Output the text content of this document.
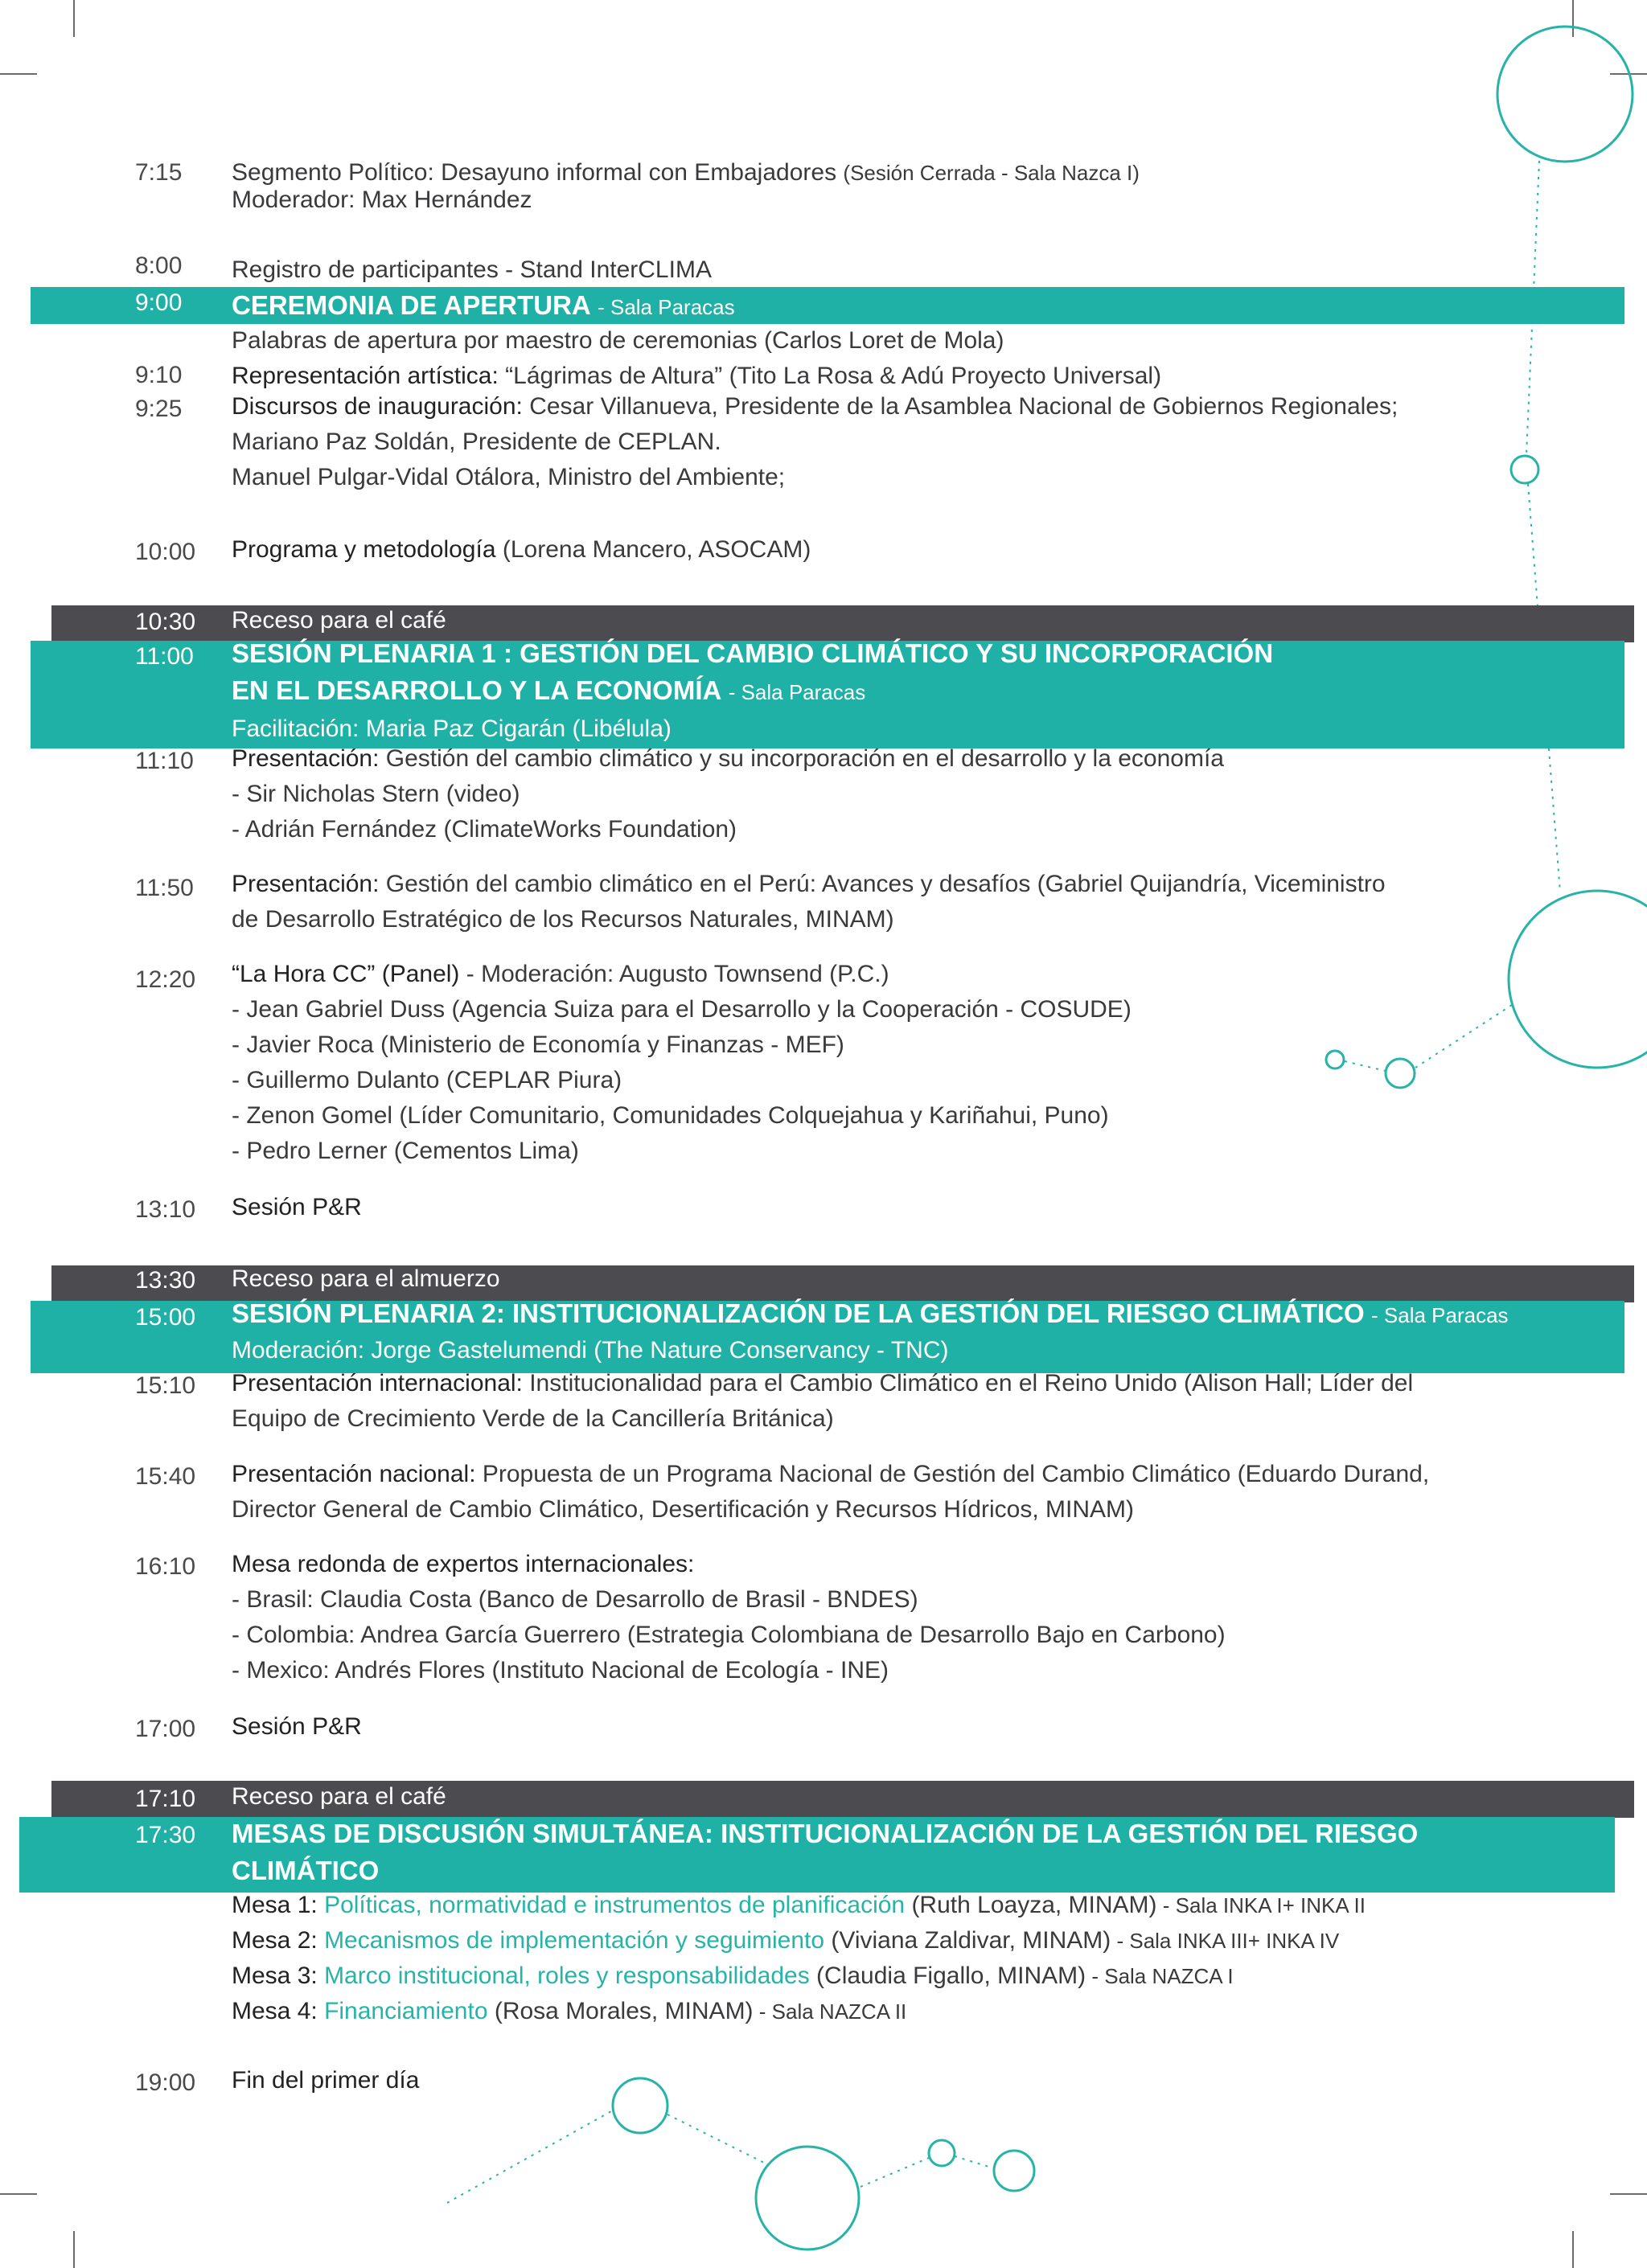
7:15 Segmento Político: Desayuno informal con Embajadores (Sesión Cerrada - Sala Nazca I)
Moderador: Max Hernández
8:00 Registro de participantes - Stand InterCLIMA
9:00 CEREMONIA DE APERTURA - Sala Paracas
Palabras de apertura por maestro de ceremonias (Carlos Loret de Mola)
9:10 Representación artística: “Lágrimas de Altura” (Tito La Rosa & Adú Proyecto Universal)
9:25 Discursos de inauguración: Cesar Villanueva, Presidente de la Asamblea Nacional de Gobiernos Regionales;
Mariano Paz Soldán, Presidente de CEPLAN.
Manuel Pulgar-Vidal Otálora, Ministro del Ambiente;
10:00 Programa y metodología (Lorena Mancero, ASOCAM)
10:30 Receso para el café
11:00 SESIÓN PLENARIA 1 : GESTIÓN DEL CAMBIO CLIMÁTICO Y SU INCORPORACIÓN
EN EL DESARROLLO Y LA ECONOMÍA - Sala Paracas
Facilitación: Maria Paz Cigarán (Libélula)
11:10 Presentación: Gestión del cambio climático y su incorporación en el desarrollo y la economía
- Sir Nicholas Stern (video)
- Adrián Fernández (ClimateWorks Foundation)
11:50 Presentación: Gestión del cambio climático en el Perú: Avances y desafíos (Gabriel Quijandría, Viceministro
de Desarrollo Estratégico de los Recursos Naturales, MINAM)
12:20 “La Hora CC” (Panel) - Moderación: Augusto Townsend (P.C.)
- Jean Gabriel Duss (Agencia Suiza para el Desarrollo y la Cooperación - COSUDE)
- Javier Roca (Ministerio de Economía y Finanzas - MEF)
- Guillermo Dulanto (CEPLAR Piura)
- Zenon Gomel (Líder Comunitario, Comunidades Colquejahua y Kariñahui, Puno)
- Pedro Lerner (Cementos Lima)
13:10 Sesión P&R
13:30 Receso para el almuerzo
15:00 SESIÓN PLENARIA 2: INSTITUCIONALIZACIÓN DE LA GESTIÓN DEL RIESGO CLIMÁTICO - Sala Paracas
Moderación: Jorge Gastelumendi (The Nature Conservancy - TNC)
15:10 Presentación internacional: Institucionalidad para el Cambio Climático en el Reino Unido (Alison Hall; Líder del
Equipo de Crecimiento Verde de la Cancillería Británica)
15:40 Presentación nacional: Propuesta de un Programa Nacional de Gestión del Cambio Climático (Eduardo Durand,
Director General de Cambio Climático, Desertificación y Recursos Hídricos, MINAM)
16:10 Mesa redonda de expertos internacionales:
- Brasil: Claudia Costa (Banco de Desarrollo de Brasil - BNDES)
- Colombia: Andrea García Guerrero (Estrategia Colombiana de Desarrollo Bajo en Carbono)
- Mexico: Andrés Flores (Instituto Nacional de Ecología - INE)
17:00 Sesión P&R
17:10 Receso para el café
17:30 MESAS DE DISCUSIÓN SIMULTÁNEA: INSTITUCIONALIZACIÓN DE LA GESTIÓN DEL RIESGO
CLIMÁTICO
Mesa 1: Políticas, normatividad e instrumentos de planificación (Ruth Loayza, MINAM) - Sala INKA I+ INKA II
Mesa 2: Mecanismos de implementación y seguimiento (Viviana Zaldivar, MINAM) - Sala INKA III+ INKA IV
Mesa 3: Marco institucional, roles y responsabilidades (Claudia Figallo, MINAM) - Sala NAZCA I
Mesa 4: Financiamiento (Rosa Morales, MINAM) - Sala NAZCA II
19:00 Fin del primer día
